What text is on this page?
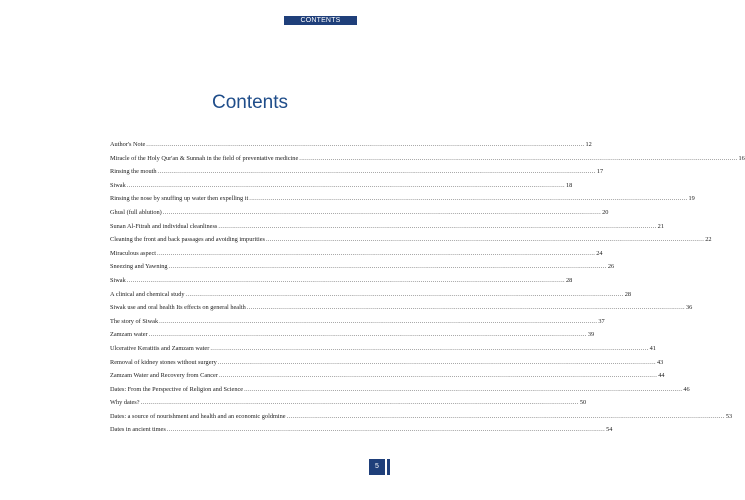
CONTENTS
Contents
Author's Note .....	12
Miracle of the Holy Qur'an & Sunnah in the field of preventative medicine .....	16
Rinsing the mouth .....	17
Siwak .....	18
Rinsing the nose by snuffing up water then expelling it .....	19
Ghusl (full ablution) .....	20
Sunan Al-Fitrah and individual cleanliness .....	21
Cleaning the front and back passages and avoiding impurities .....	22
Miraculous aspect .....	24
Sneezing and Yawning .....	26
Siwak .....	28
A clinical and chemical study .....	28
Siwak use and oral health Its effects on general health .....	36
The story of Siwak .....	37
Zamzam water .....	39
Ulcerative Keratitis and Zamzam water .....	41
Removal of kidney stones without surgery .....	43
Zamzam Water and Recovery from Cancer .....	44
Dates: From the Perspective of Religion and Science .....	46
Why dates? .....	50
Dates: a source of nourishment and health and an economic goldmine .....	53
Dates in ancient times .....	54
5
